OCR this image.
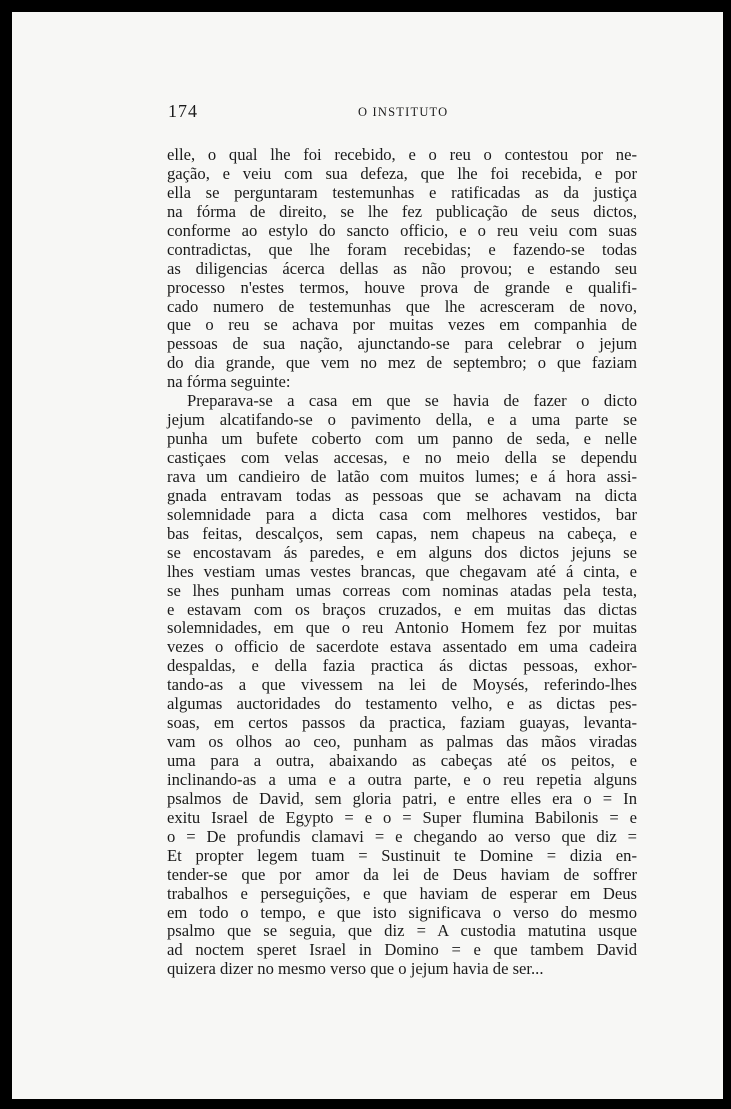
174	O INSTITUTO
elle, o qual lhe foi recebido, e o reu o contestou por ne-
gação, e veiu com sua defeza, que lhe foi recebida, e por
ella se perguntaram testemunhas e ratificadas as da justiça
na fórma de direito, se lhe fez publicação de seus dictos,
conforme ao estylo do sancto officio, e o reu veiu com suas
contradictas, que lhe foram recebidas; e fazendo-se todas
as diligencias ácerca dellas as não provou; e estando seu
processo n'estes termos, houve prova de grande e qualifi-
cado numero de testemunhas que lhe acresceram de novo,
que o reu se achava por muitas vezes em companhia de
pessoas de sua nação, ajunctando-se para celebrar o jejum
do dia grande, que vem no mez de septembro; o que faziam
na fórma seguinte:
Preparava-se a casa em que se havia de fazer o dicto
jejum alcatifando-se o pavimento della, e a uma parte se
punha um bufete coberto com um panno de seda, e nelle
castiçaes com velas accesas, e no meio della se dependu
rava um candieiro de latão com muitos lumes; e á hora assi-
gnada entravam todas as pessoas que se achavam na dicta
solemnidade para a dicta casa com melhores vestidos, bar
bas feitas, descalços, sem capas, nem chapeus na cabeça, e
se encostavam ás paredes, e em alguns dos dictos jejuns se
lhes vestiam umas vestes brancas, que chegavam até á cinta, e
se lhes punham umas correas com nominas atadas pela testa,
e estavam com os braços cruzados, e em muitas das dictas
solemnidades, em que o reu Antonio Homem fez por muitas
vezes o officio de sacerdote estava assentado em uma cadeira
despaldas, e della fazia practica ás dictas pessoas, exhor-
tando-as a que vivessem na lei de Moysés, referindo-lhes
algumas auctoridades do testamento velho, e as dictas pes-
soas, em certos passos da practica, faziam guayas, levanta-
vam os olhos ao ceo, punham as palmas das mãos viradas
uma para a outra, abaixando as cabeças até os peitos, e
inclinando-as a uma e a outra parte, e o reu repetia alguns
psalmos de David, sem gloria patri, e entre elles era o = In
exitu Israel de Egypto = e o = Super flumina Babilonis = e
o = De profundis clamavi = e chegando ao verso que diz =
Et propter legem tuam = Sustinuit te Domine = dizia en-
tender-se que por amor da lei de Deus haviam de soffrer
trabalhos e perseguições, e que haviam de esperar em Deus
em todo o tempo, e que isto significava o verso do mesmo
psalmo que se seguia, que diz = A custodia matutina usque
ad noctem speret Israel in Domino = e que tambem David
quizera dizer no mesmo verso que o jejum havia de ser...
